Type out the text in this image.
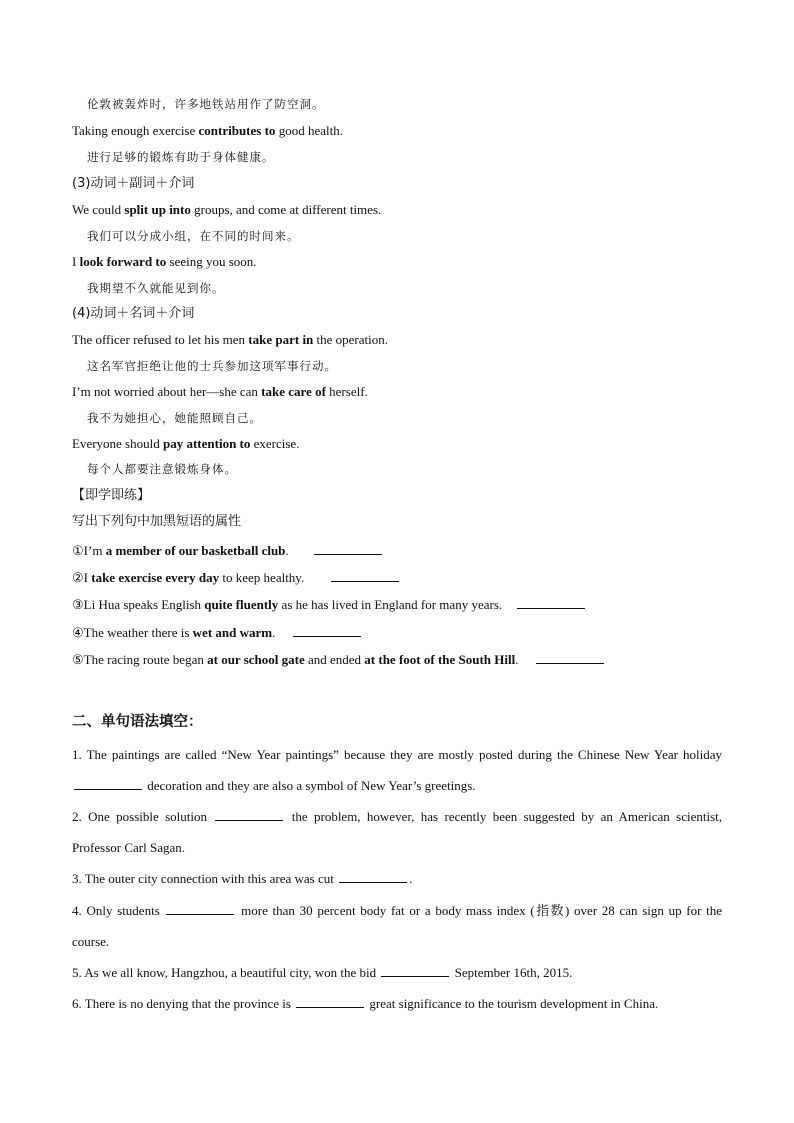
伦敦被轰炸时，许多地铁站用作了防空洞。
Taking enough exercise contributes to good health.
进行足够的锻炼有助于身体健康。
(3)动词＋副词＋介词
We could split up into groups, and come at different times.
我们可以分成小组，在不同的时间来。
I look forward to seeing you soon.
我期望不久就能见到你。
(4)动词＋名词＋介词
The officer refused to let his men take part in the operation.
这名军官拒绝让他的士兵参加这项军事行动。
I’m not worried about her—she can take care of herself.
我不为她担心，她能照顾自己。
Everyone should pay attention to exercise.
每个人都要注意锻炼身体。
【即学即练】
写出下列句中加黑短语的属性
①I’m a member of our basketball club.
②I take exercise every day to keep healthy.
③Li Hua speaks English quite fluently as he has lived in England for many years.
④The weather there is wet and warm.
⑤The racing route began at our school gate and ended at the foot of the South Hill.
二、单句语法填空：
1. The paintings are called “New Year paintings” because they are mostly posted during the Chinese New Year holiday  decoration and they are also a symbol of New Year’s greetings.
2. One possible solution	the problem, however, has recently been suggested by an American scientist, Professor Carl Sagan.
3. The outer city connection with this area was cut	.
4. Only students	more than 30 percent body fat or a body mass index (指数) over 28 can sign up for the course.
5. As we all know, Hangzhou, a beautiful city, won the bid	September 16th, 2015.
6. There is no denying that the province is	great significance to the tourism development in China.
